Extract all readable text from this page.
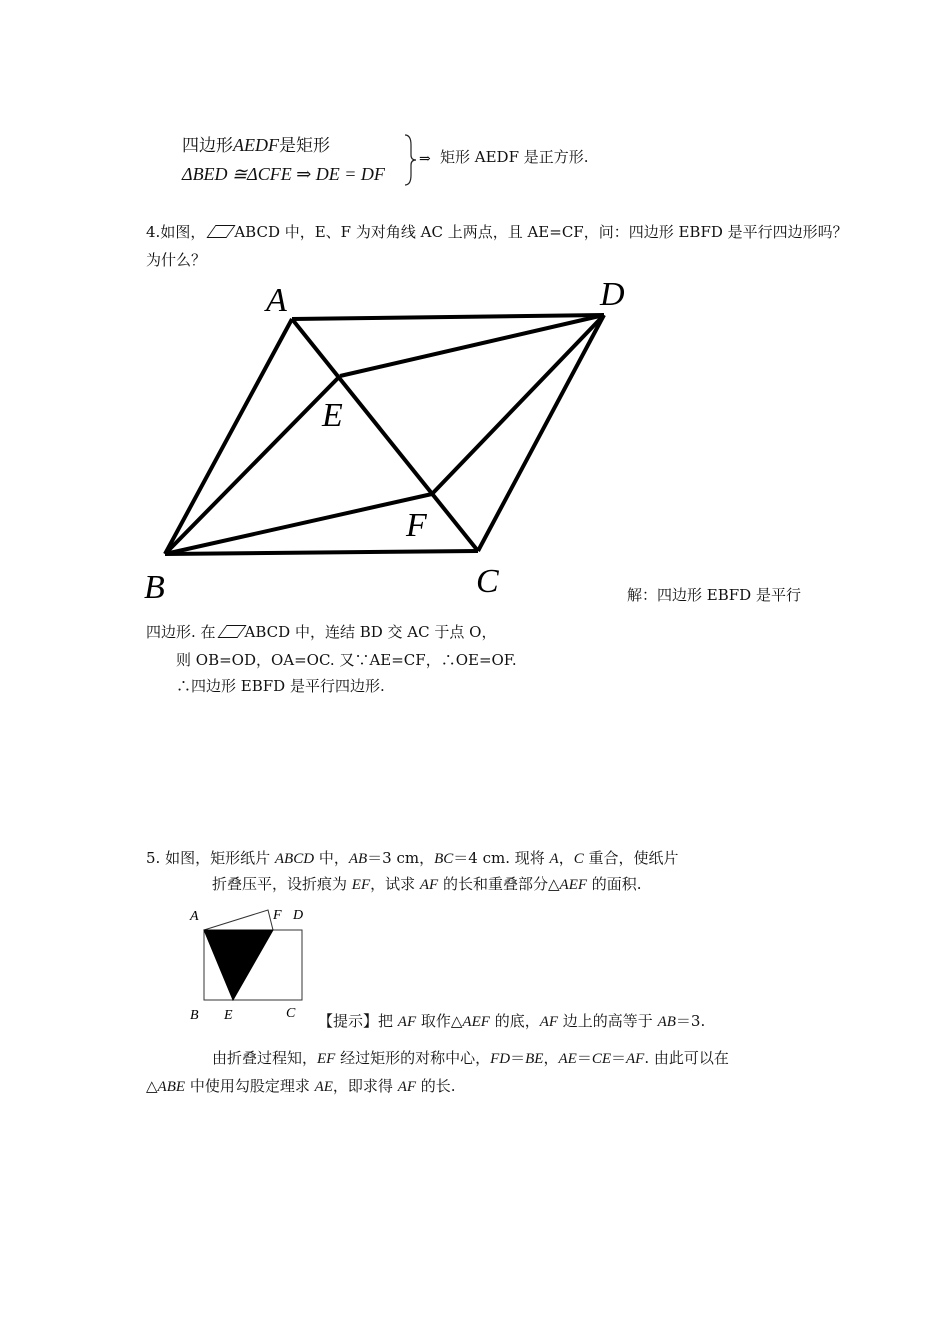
四边形AEDF是矩形
ΔBED ≅ΔCFE ⇒ DE = DF
⇒ 矩形 AEDF 是正方形.
4.如图， ABCD 中，E、F 为对角线 AC 上两点，且 AE=CF，问：四边形 EBFD 是平行四边形吗？
为什么？
A	D
E
F
B	C	解：四边形 EBFD 是平行
四边形. 在 ABCD 中，连结 BD 交 AC 于点 O，
则 OB=OD，OA=OC. 又∵AE=CF，∴OE=OF.
∴四边形 EBFD 是平行四边形.
5. 如图，矩形纸片 ABCD 中，AB＝3 cm，BC＝4 cm. 现将 A，C 重合，使纸片
折叠压平，设折痕为 EF，试求 AF 的长和重叠部分△AEF 的面积.
A	F D
B E	C 【提示】把 AF 取作△AEF 的底，AF 边上的高等于 AB＝3.
由折叠过程知，EF 经过矩形的对称中心，FD＝BE，AE＝CE＝AF. 由此可以在
△ABE 中使用勾股定理求 AE，即求得 AF 的长.
